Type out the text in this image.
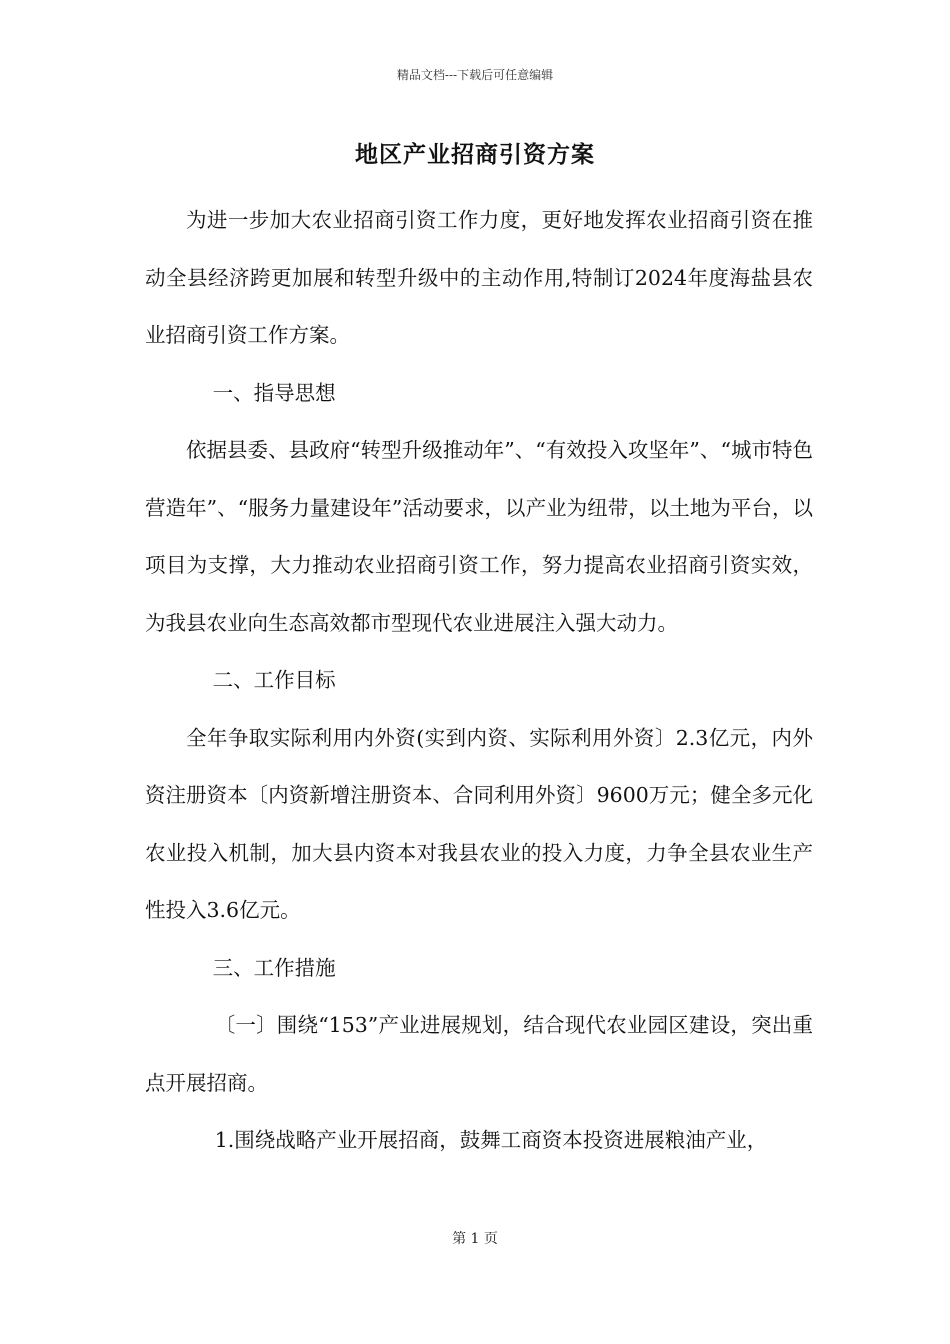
精品文档---下载后可任意编辑
地区产业招商引资方案

为进一步加大农业招商引资工作力度，更好地发挥农业招商引资在推动全县经济跨更加展和转型升级中的主动作用,特制订2024年度海盐县农业招商引资工作方案。

一、指导思想

依据县委、县政府“转型升级推动年”、“有效投入攻坚年”、“城市特色营造年”、“服务力量建设年”活动要求，以产业为纽带，以土地为平台，以项目为支撑，大力推动农业招商引资工作，努力提高农业招商引资实效，为我县农业向生态高效都市型现代农业进展注入强大动力。

二、工作目标

全年争取实际利用内外资(实到内资、实际利用外资〕2.3亿元，内外资注册资本〔内资新增注册资本、合同利用外资〕9600万元；健全多元化农业投入机制，加大县内资本对我县农业的投入力度，力争全县农业生产性投入3.6亿元。

三、工作措施

〔一〕围绕“153”产业进展规划，结合现代农业园区建设，突出重点开展招商。

1.围绕战略产业开展招商，鼓舞工商资本投资进展粮油产业，

第 1 页
